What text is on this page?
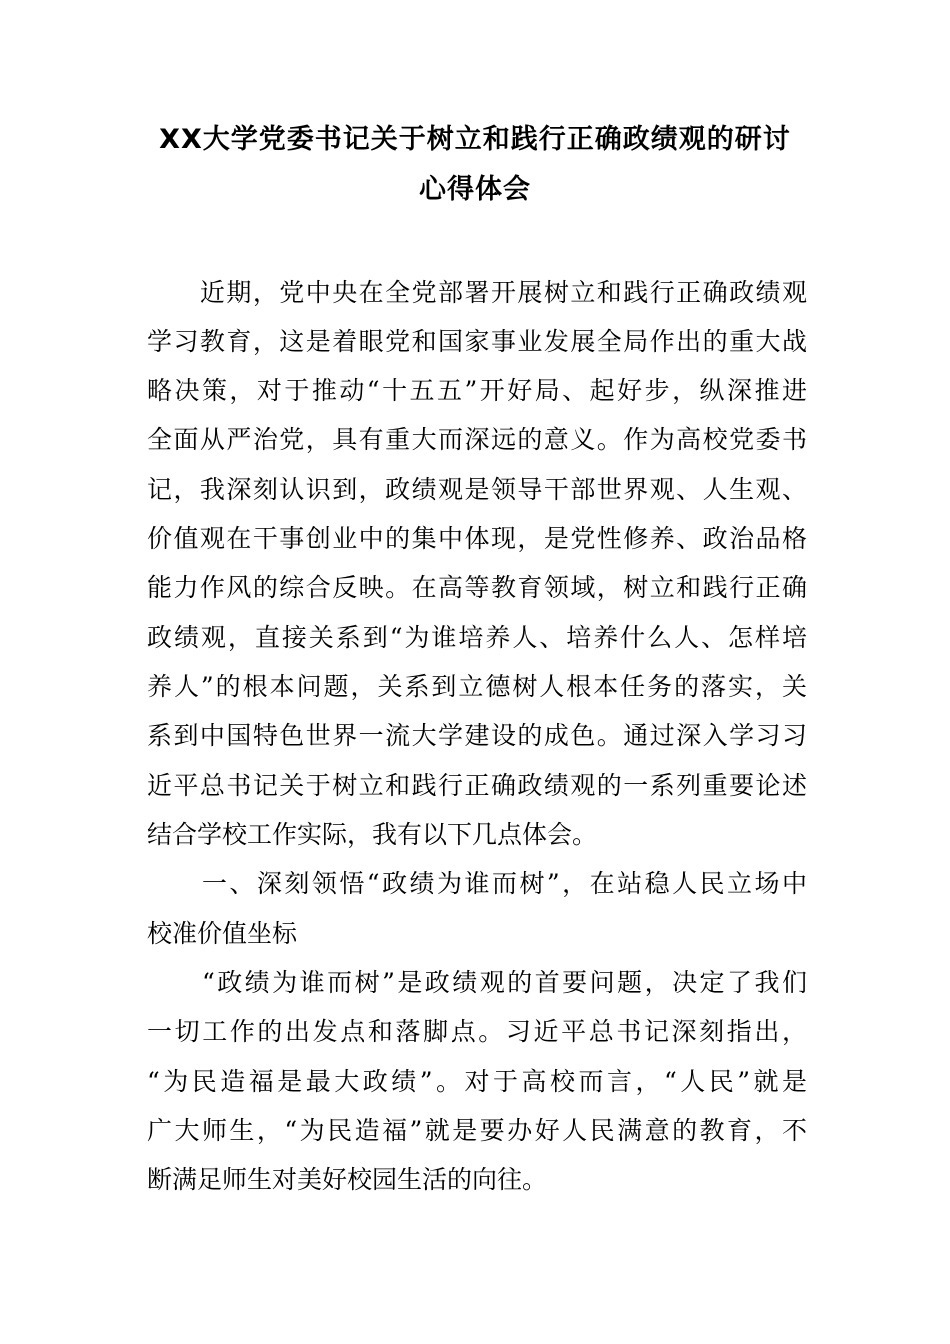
XX大学党委书记关于树立和践行正确政绩观的研讨
心得体会

　　近期，党中央在全党部署开展树立和践行正确政绩观

学习教育，这是着眼党和国家事业发展全局作出的重大战

略决策，对于推动“十五五”开好局、起好步，纵深推进

全面从严治党，具有重大而深远的意义。作为高校党委书

记，我深刻认识到，政绩观是领导干部世界观、人生观、

价值观在干事创业中的集中体现，是党性修养、政治品格

能力作风的综合反映。在高等教育领域，树立和践行正确

政绩观，直接关系到“为谁培养人、培养什么人、怎样培

养人”的根本问题，关系到立德树人根本任务的落实，关

系到中国特色世界一流大学建设的成色。通过深入学习习

近平总书记关于树立和践行正确政绩观的一系列重要论述

结合学校工作实际，我有以下几点体会。

　　一、深刻领悟“政绩为谁而树”，在站稳人民立场中

校准价值坐标

　　“政绩为谁而树”是政绩观的首要问题，决定了我们

一切工作的出发点和落脚点。习近平总书记深刻指出，

“为民造福是最大政绩”。对于高校而言，“人民”就是

广大师生，“为民造福”就是要办好人民满意的教育，不

断满足师生对美好校园生活的向往。
